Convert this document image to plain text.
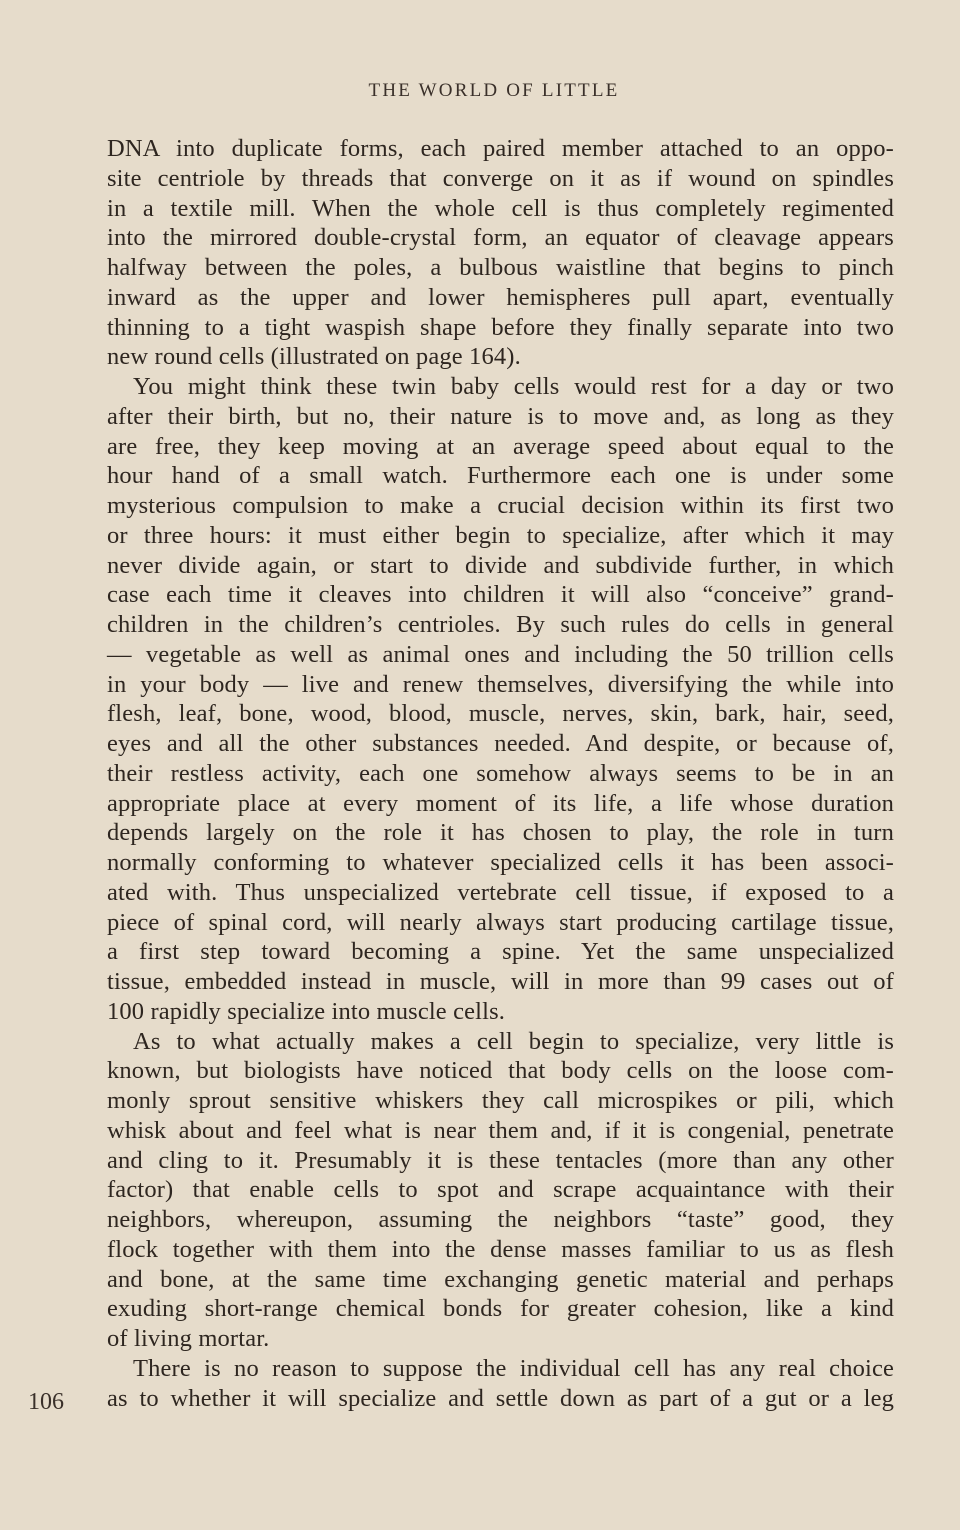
THE WORLD OF LITTLE
DNA into duplicate forms, each paired member attached to an oppo-
site centriole by threads that converge on it as if wound on spindles
in a textile mill. When the whole cell is thus completely regimented
into the mirrored double-crystal form, an equator of cleavage appears
halfway between the poles, a bulbous waistline that begins to pinch
inward as the upper and lower hemispheres pull apart, eventually
thinning to a tight waspish shape before they finally separate into two
new round cells (illustrated on page 164).
You might think these twin baby cells would rest for a day or two
after their birth, but no, their nature is to move and, as long as they
are free, they keep moving at an average speed about equal to the
hour hand of a small watch. Furthermore each one is under some
mysterious compulsion to make a crucial decision within its first two
or three hours: it must either begin to specialize, after which it may
never divide again, or start to divide and subdivide further, in which
case each time it cleaves into children it will also “conceive” grand-
children in the children’s centrioles. By such rules do cells in general
— vegetable as well as animal ones and including the 50 trillion cells
in your body — live and renew themselves, diversifying the while into
flesh, leaf, bone, wood, blood, muscle, nerves, skin, bark, hair, seed,
eyes and all the other substances needed. And despite, or because of,
their restless activity, each one somehow always seems to be in an
appropriate place at every moment of its life, a life whose duration
depends largely on the role it has chosen to play, the role in turn
normally conforming to whatever specialized cells it has been associ-
ated with. Thus unspecialized vertebrate cell tissue, if exposed to a
piece of spinal cord, will nearly always start producing cartilage tissue,
a first step toward becoming a spine. Yet the same unspecialized
tissue, embedded instead in muscle, will in more than 99 cases out of
100 rapidly specialize into muscle cells.
As to what actually makes a cell begin to specialize, very little is
known, but biologists have noticed that body cells on the loose com-
monly sprout sensitive whiskers they call microspikes or pili, which
whisk about and feel what is near them and, if it is congenial, penetrate
and cling to it. Presumably it is these tentacles (more than any other
factor) that enable cells to spot and scrape acquaintance with their
neighbors, whereupon, assuming the neighbors “taste” good, they
flock together with them into the dense masses familiar to us as flesh
and bone, at the same time exchanging genetic material and perhaps
exuding short-range chemical bonds for greater cohesion, like a kind
of living mortar.
There is no reason to suppose the individual cell has any real choice
as to whether it will specialize and settle down as part of a gut or a leg
106
